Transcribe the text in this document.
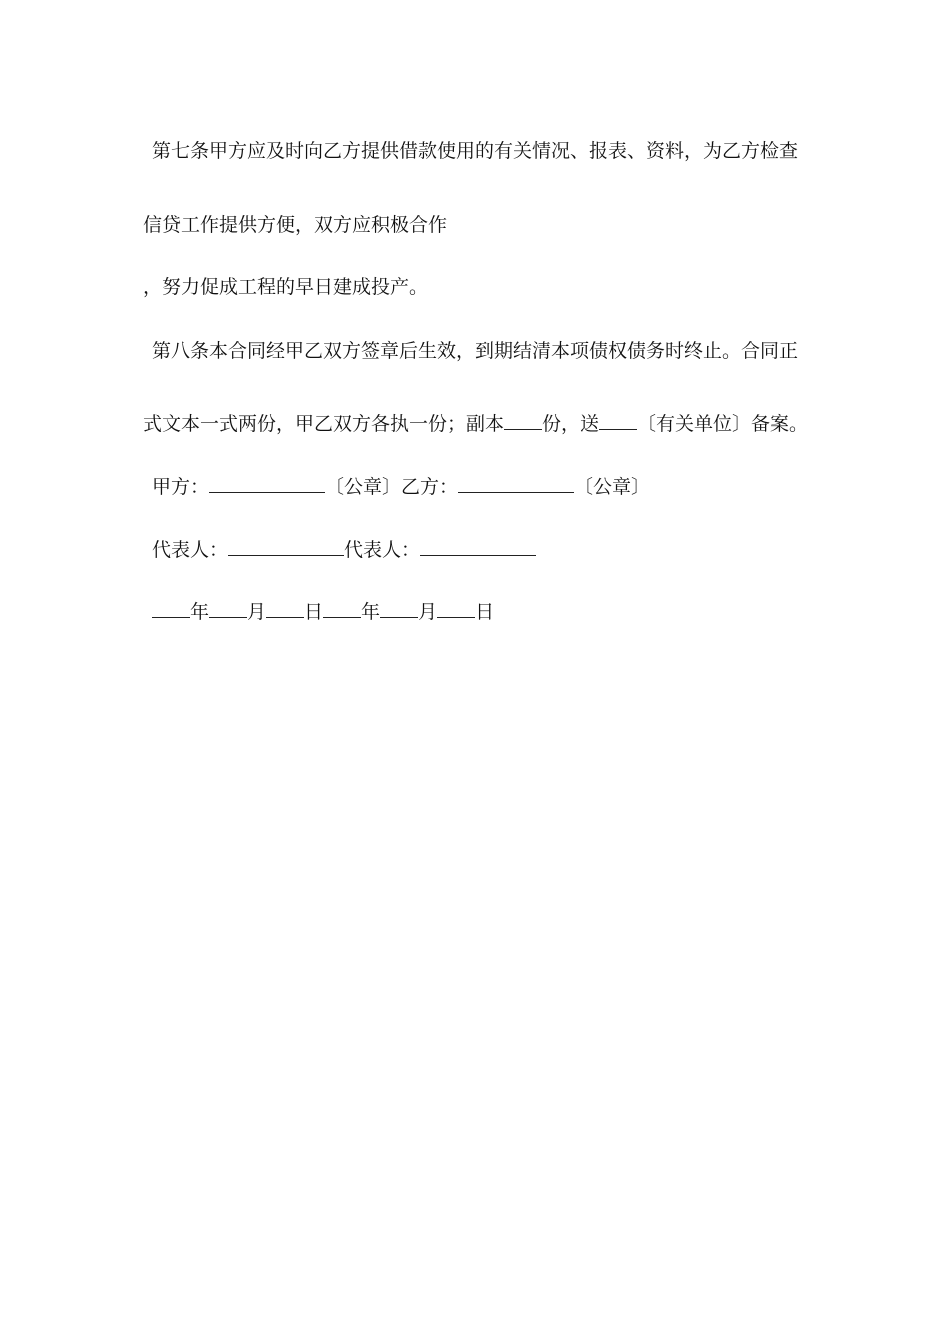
第七条甲方应及时向乙方提供借款使用的有关情况、报表、资料，为乙方检查
信贷工作提供方便，双方应积极合作
，努力促成工程的早日建成投产。
第八条本合同经甲乙双方签章后生效，到期结清本项债权债务时终止。合同正
式文本一式两份，甲乙双方各执一份；副本 份，送 〔有关单位〕备案。
甲方：	〔公章〕乙方：	〔公章〕
代表人：	代表人：
年 月 日 年 月 日
